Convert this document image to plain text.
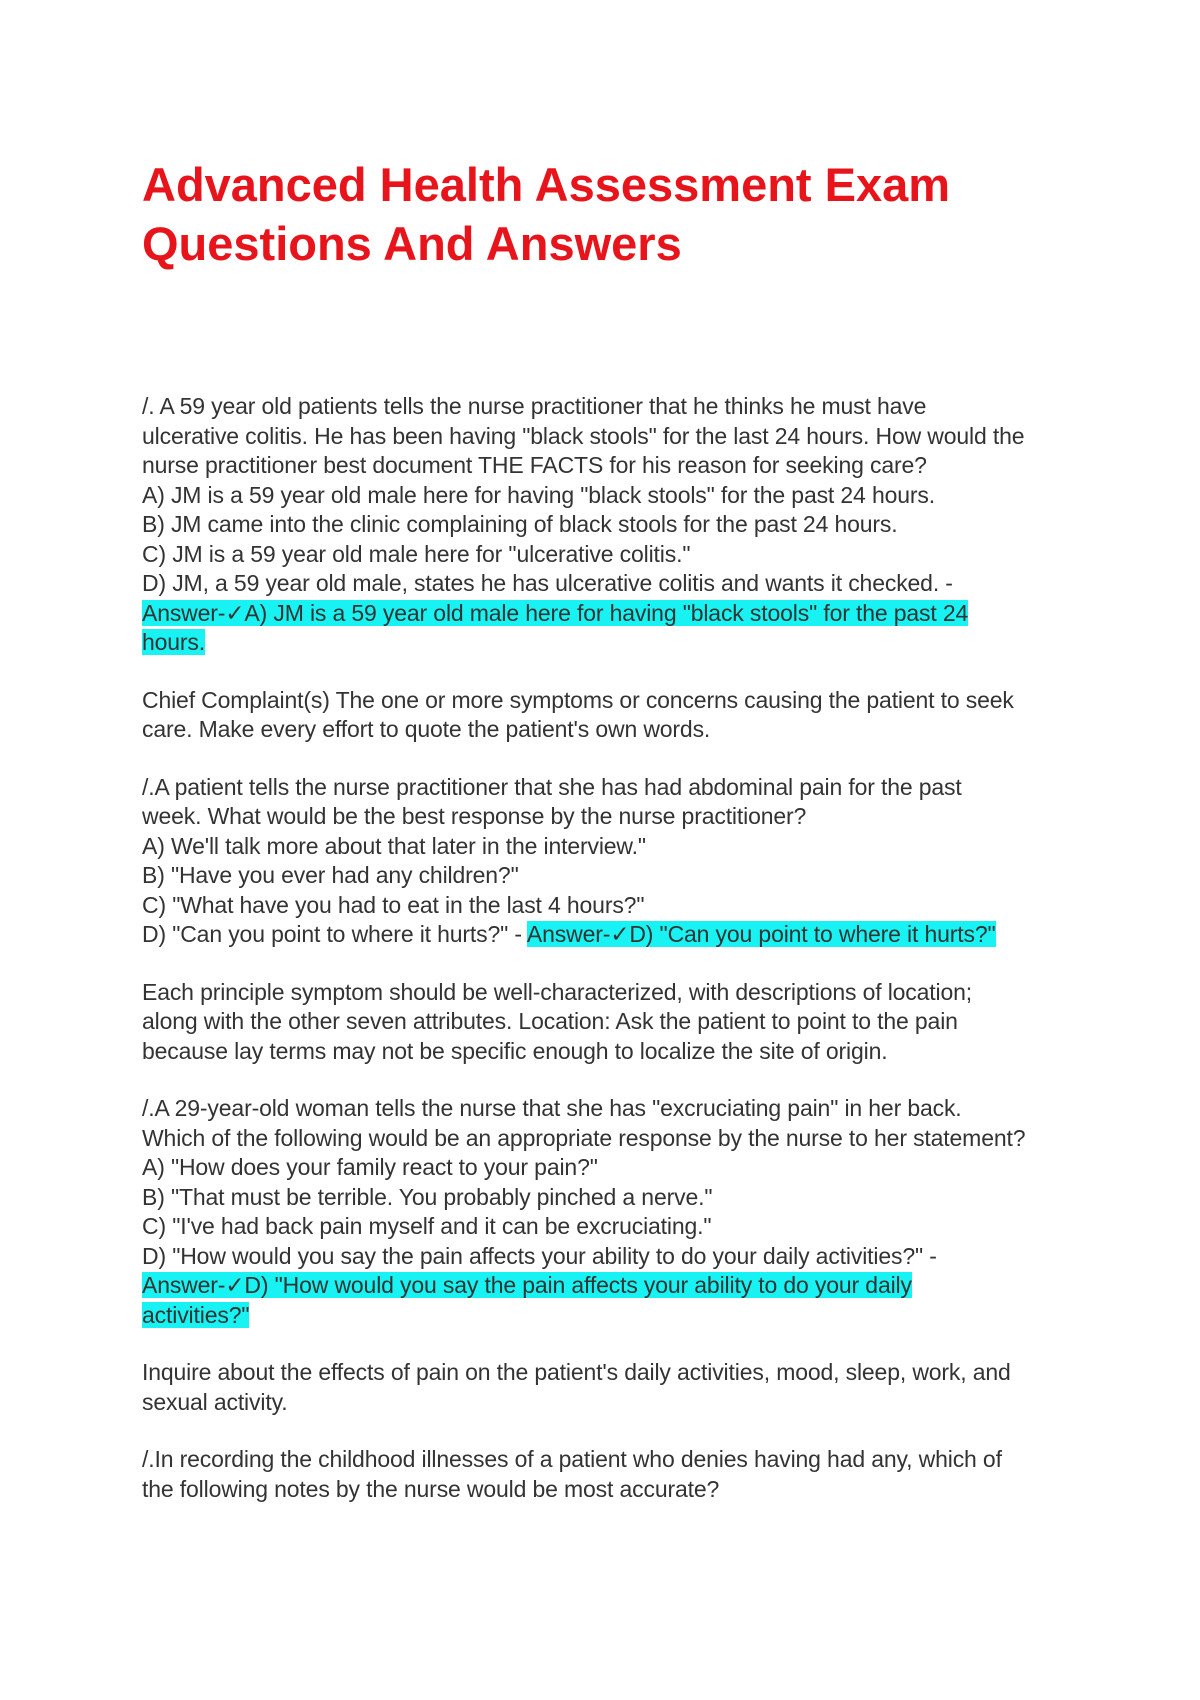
Advanced Health Assessment Exam
Questions And Answers
/. A 59 year old patients tells the nurse practitioner that he thinks he must have
ulcerative colitis. He has been having "black stools" for the last 24 hours. How would the
nurse practitioner best document THE FACTS for his reason for seeking care?
A) JM is a 59 year old male here for having "black stools" for the past 24 hours.
B) JM came into the clinic complaining of black stools for the past 24 hours.
C) JM is a 59 year old male here for "ulcerative colitis."
D) JM, a 59 year old male, states he has ulcerative colitis and wants it checked. -
Answer-✓A) JM is a 59 year old male here for having "black stools" for the past 24
hours.
Chief Complaint(s) The one or more symptoms or concerns causing the patient to seek
care. Make every effort to quote the patient's own words.
/.A patient tells the nurse practitioner that she has had abdominal pain for the past
week. What would be the best response by the nurse practitioner?
A) We'll talk more about that later in the interview."
B) "Have you ever had any children?"
C) "What have you had to eat in the last 4 hours?"
D) "Can you point to where it hurts?" - Answer-✓D) "Can you point to where it hurts?"
Each principle symptom should be well-characterized, with descriptions of location;
along with the other seven attributes. Location: Ask the patient to point to the pain
because lay terms may not be specific enough to localize the site of origin.
/.A 29-year-old woman tells the nurse that she has "excruciating pain" in her back.
Which of the following would be an appropriate response by the nurse to her statement?
A) "How does your family react to your pain?"
B) "That must be terrible. You probably pinched a nerve."
C) "I've had back pain myself and it can be excruciating."
D) "How would you say the pain affects your ability to do your daily activities?" -
Answer-✓D) "How would you say the pain affects your ability to do your daily
activities?"
Inquire about the effects of pain on the patient's daily activities, mood, sleep, work, and
sexual activity.
/.In recording the childhood illnesses of a patient who denies having had any, which of
the following notes by the nurse would be most accurate?
